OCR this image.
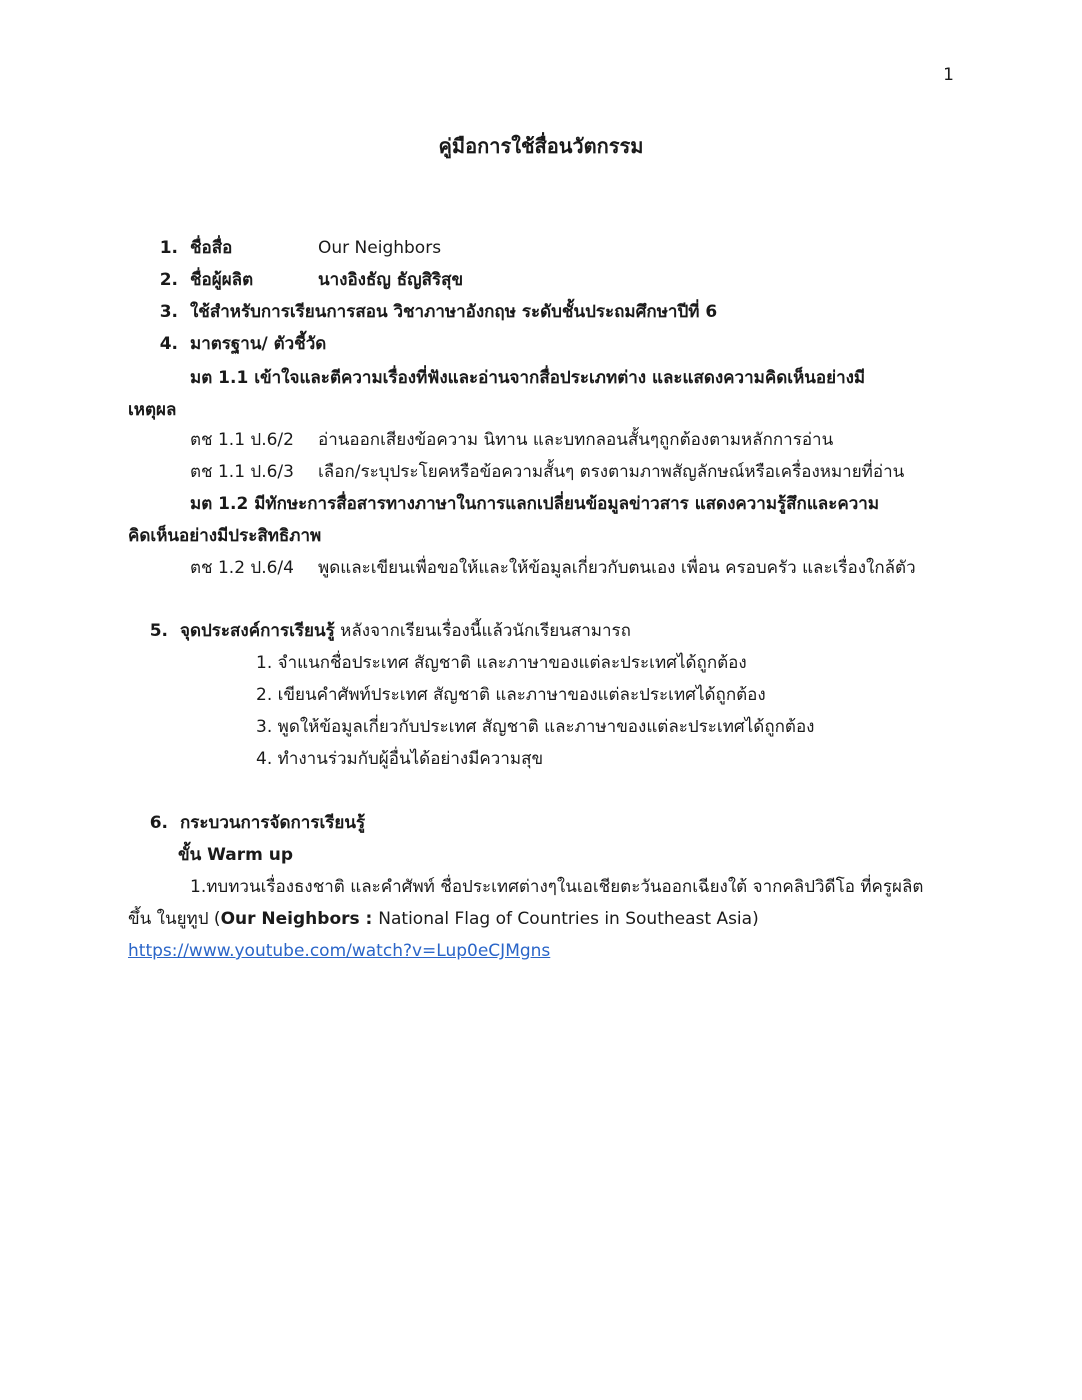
1
คู่มือการใช้สื่อนวัตกรรม
1. ชื่อสื่อ	Our Neighbors
2. ชื่อผู้ผลิต	นางอิงธัญ ธัญสิริสุข
3. ใช้สำหรับการเรียนการสอน วิชาภาษาอังกฤษ ระดับชั้นประถมศึกษาปีที่ 6
4. มาตรฐาน/ ตัวชี้วัด
มต 1.1 เข้าใจและตีความเรื่องที่ฟังและอ่านจากสื่อประเภทต่าง และแสดงความคิดเห็นอย่างมี
เหตุผล
ตช 1.1 ป.6/2 อ่านออกเสียงข้อความ นิทาน และบทกลอนสั้นๆถูกต้องตามหลักการอ่าน
ตช 1.1 ป.6/3 เลือก/ระบุประโยคหรือข้อความสั้นๆ ตรงตามภาพสัญลักษณ์หรือเครื่องหมายที่อ่าน
มต 1.2 มีทักษะการสื่อสารทางภาษาในการแลกเปลี่ยนข้อมูลข่าวสาร แสดงความรู้สึกและความ
คิดเห็นอย่างมีประสิทธิภาพ
ตช 1.2 ป.6/4 พูดและเขียนเพื่อขอให้และให้ข้อมูลเกี่ยวกับตนเอง เพื่อน ครอบครัว และเรื่องใกล้ตัว
5. จุดประสงค์การเรียนรู้ หลังจากเรียนเรื่องนี้แล้วนักเรียนสามารถ
1. จำแนกชื่อประเทศ สัญชาติ และภาษาของแต่ละประเทศได้ถูกต้อง
2. เขียนคำศัพท์ประเทศ สัญชาติ และภาษาของแต่ละประเทศได้ถูกต้อง
3. พูดให้ข้อมูลเกี่ยวกับประเทศ สัญชาติ และภาษาของแต่ละประเทศได้ถูกต้อง
4. ทำงานร่วมกับผู้อื่นได้อย่างมีความสุข
6. กระบวนการจัดการเรียนรู้
ขั้น Warm up
1.ทบทวนเรื่องธงชาติ และคำศัพท์ ชื่อประเทศต่างๆในเอเชียตะวันออกเฉียงใต้ จากคลิปวิดีโอ ที่ครูผลิต
ขึ้น ในยูทูป (Our Neighbors : National Flag of Countries in Southeast Asia)
https://www.youtube.com/watch?v=Lup0eCJMgns
